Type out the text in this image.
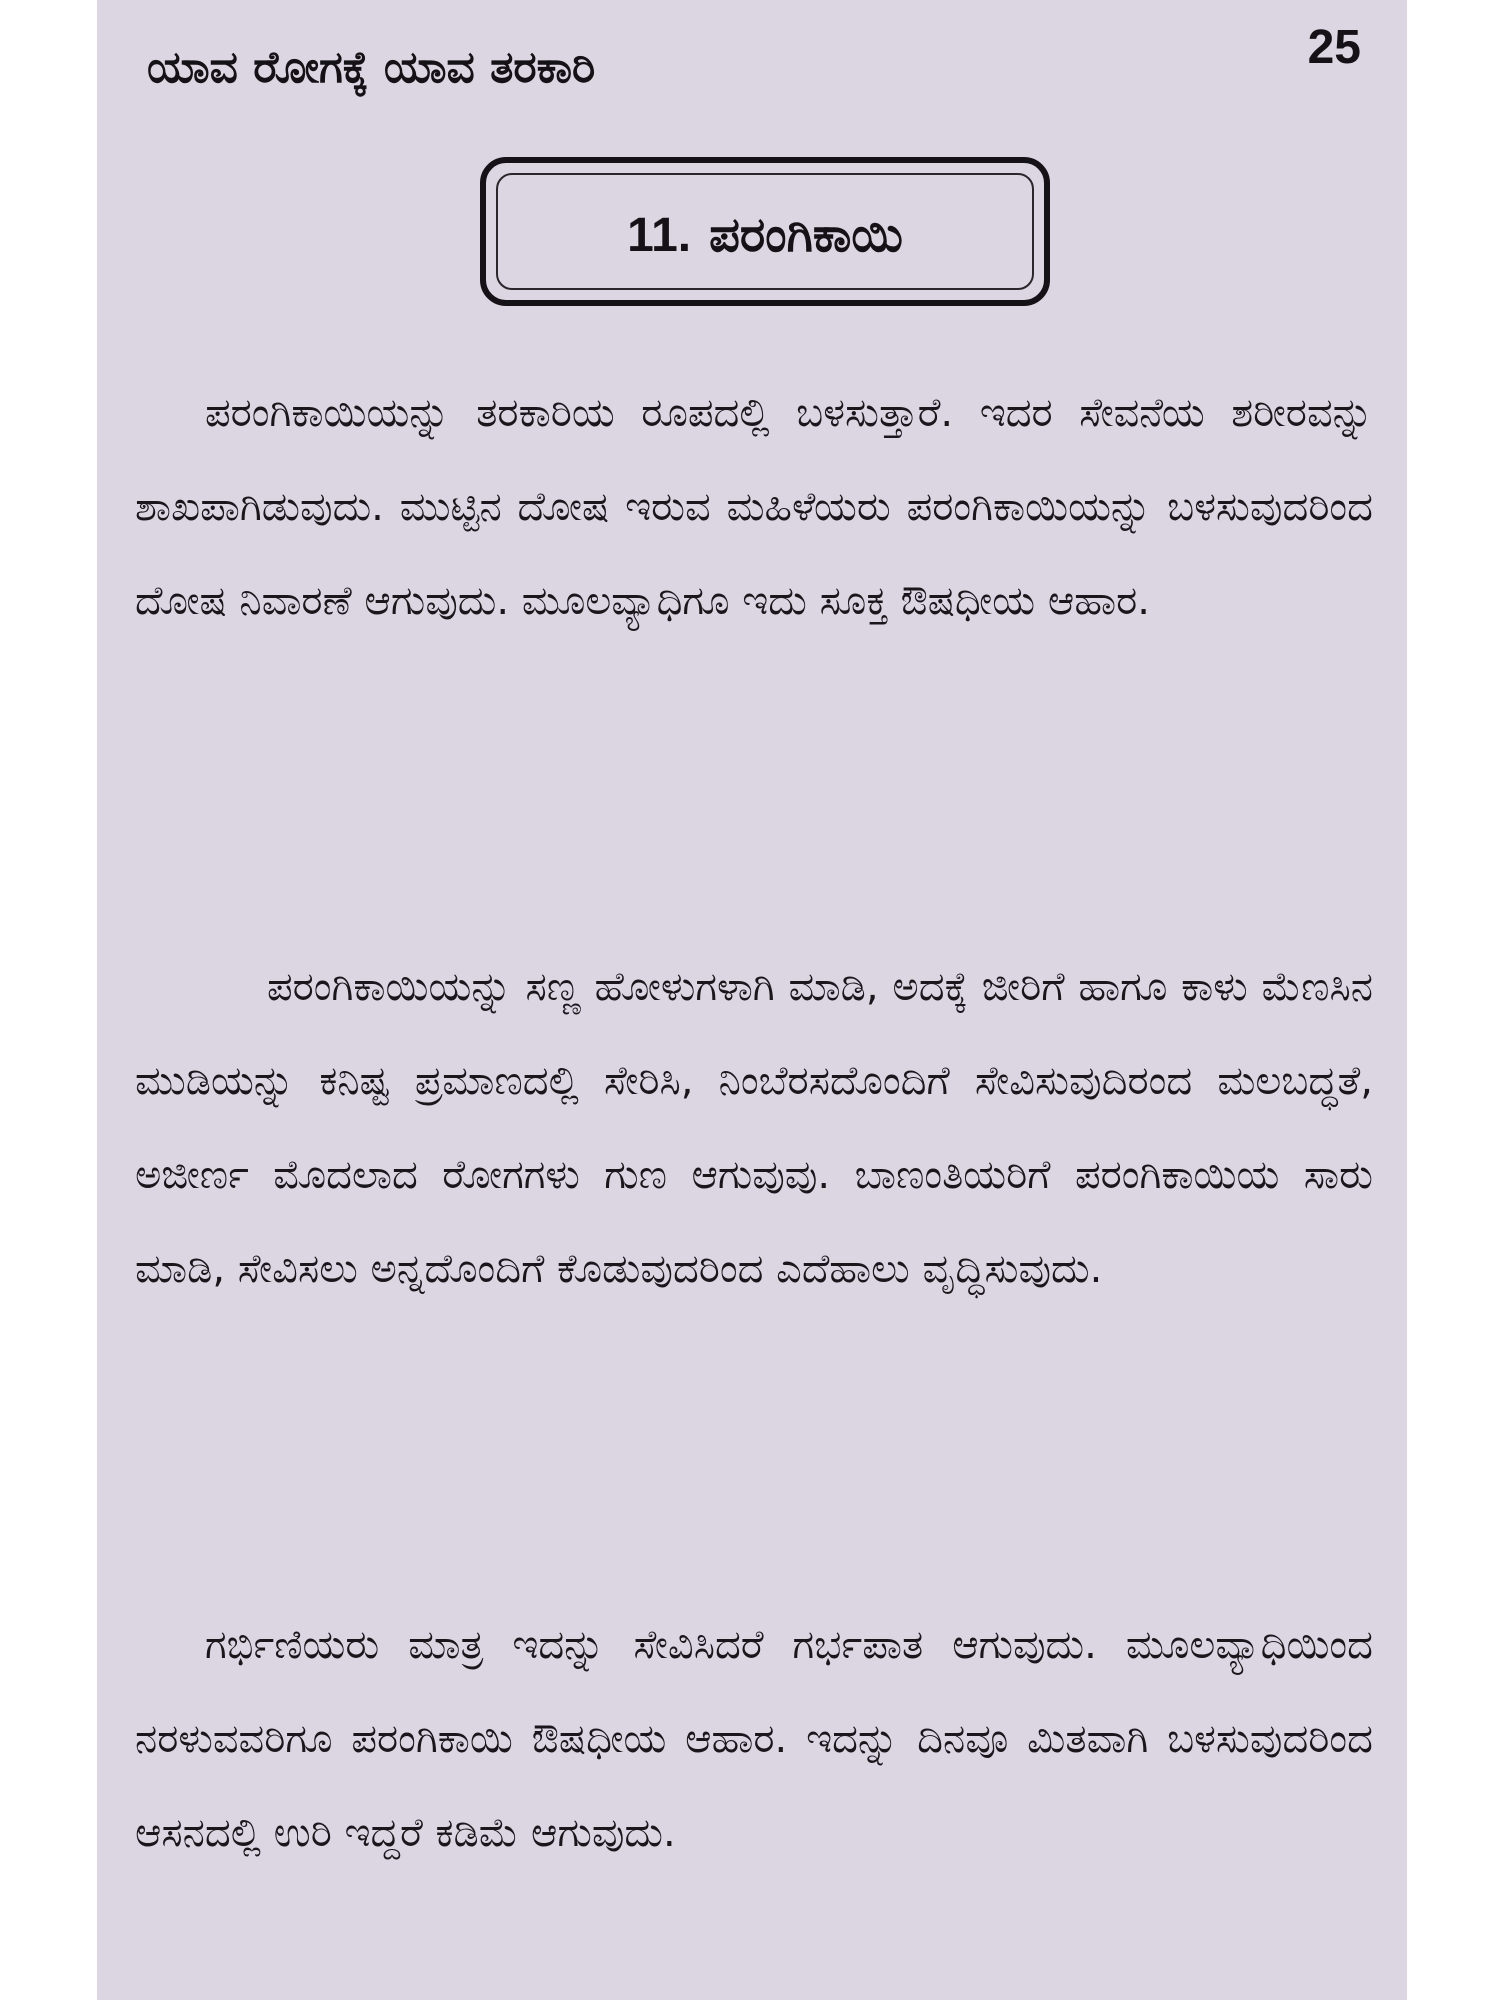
ಯಾವ ರೋಗಕ್ಕೆ ಯಾವ ತರಕಾರಿ	25
11. ಪರಂಗಿಕಾಯಿ

ಪರಂಗಿಕಾಯಿಯನ್ನು ತರಕಾರಿಯ ರೂಪದಲ್ಲಿ ಬಳಸುತ್ತಾರೆ. ಇದರ ಸೇವನೆಯ ಶರೀರವನ್ನು ಶಾಖಪಾಗಿಡುವುದು. ಮುಟ್ಟಿನ ದೋಷ ಇರುವ ಮಹಿಳೆಯರು ಪರಂಗಿಕಾಯಿಯನ್ನು ಬಳಸುವುದರಿಂದ ದೋಷ ನಿವಾರಣೆ ಆಗುವುದು. ಮೂಲವ್ಯಾಧಿಗೂ ಇದು ಸೂಕ್ತ ಔಷಧೀಯ ಆಹಾರ.

ಪರಂಗಿಕಾಯಿಯನ್ನು ಸಣ್ಣ ಹೋಳುಗಳಾಗಿ ಮಾಡಿ, ಅದಕ್ಕೆ ಜೀರಿಗೆ ಹಾಗೂ ಕಾಳು ಮೆಣಸಿನ ಮುಡಿಯನ್ನು ಕನಿಷ್ಟ ಪ್ರಮಾಣದಲ್ಲಿ ಸೇರಿಸಿ, ನಿಂಬೆರಸದೊಂದಿಗೆ ಸೇವಿಸುವುದಿರಂದ ಮಲಬದ್ಧತೆ, ಅಜೀರ್ಣ ಮೊದಲಾದ ರೋಗಗಳು ಗುಣ ಆಗುವುವು. ಬಾಣಂತಿಯರಿಗೆ ಪರಂಗಿಕಾಯಿಯ ಸಾರು ಮಾಡಿ, ಸೇವಿಸಲು ಅನ್ನದೊಂದಿಗೆ ಕೊಡುವುದರಿಂದ ಎದೆಹಾಲು ವೃದ್ಧಿಸುವುದು.

ಗರ್ಭಿಣಿಯರು ಮಾತ್ರ ಇದನ್ನು ಸೇವಿಸಿದರೆ ಗರ್ಭಪಾತ ಆಗುವುದು. ಮೂಲವ್ಯಾಧಿಯಿಂದ ನರಳುವವರಿಗೂ ಪರಂಗಿಕಾಯಿ ಔಷಧೀಯ ಆಹಾರ. ಇದನ್ನು ದಿನವೂ ಮಿತವಾಗಿ ಬಳಸುವುದರಿಂದ ಆಸನದಲ್ಲಿ ಉರಿ ಇದ್ದರೆ ಕಡಿಮೆ ಆಗುವುದು.
